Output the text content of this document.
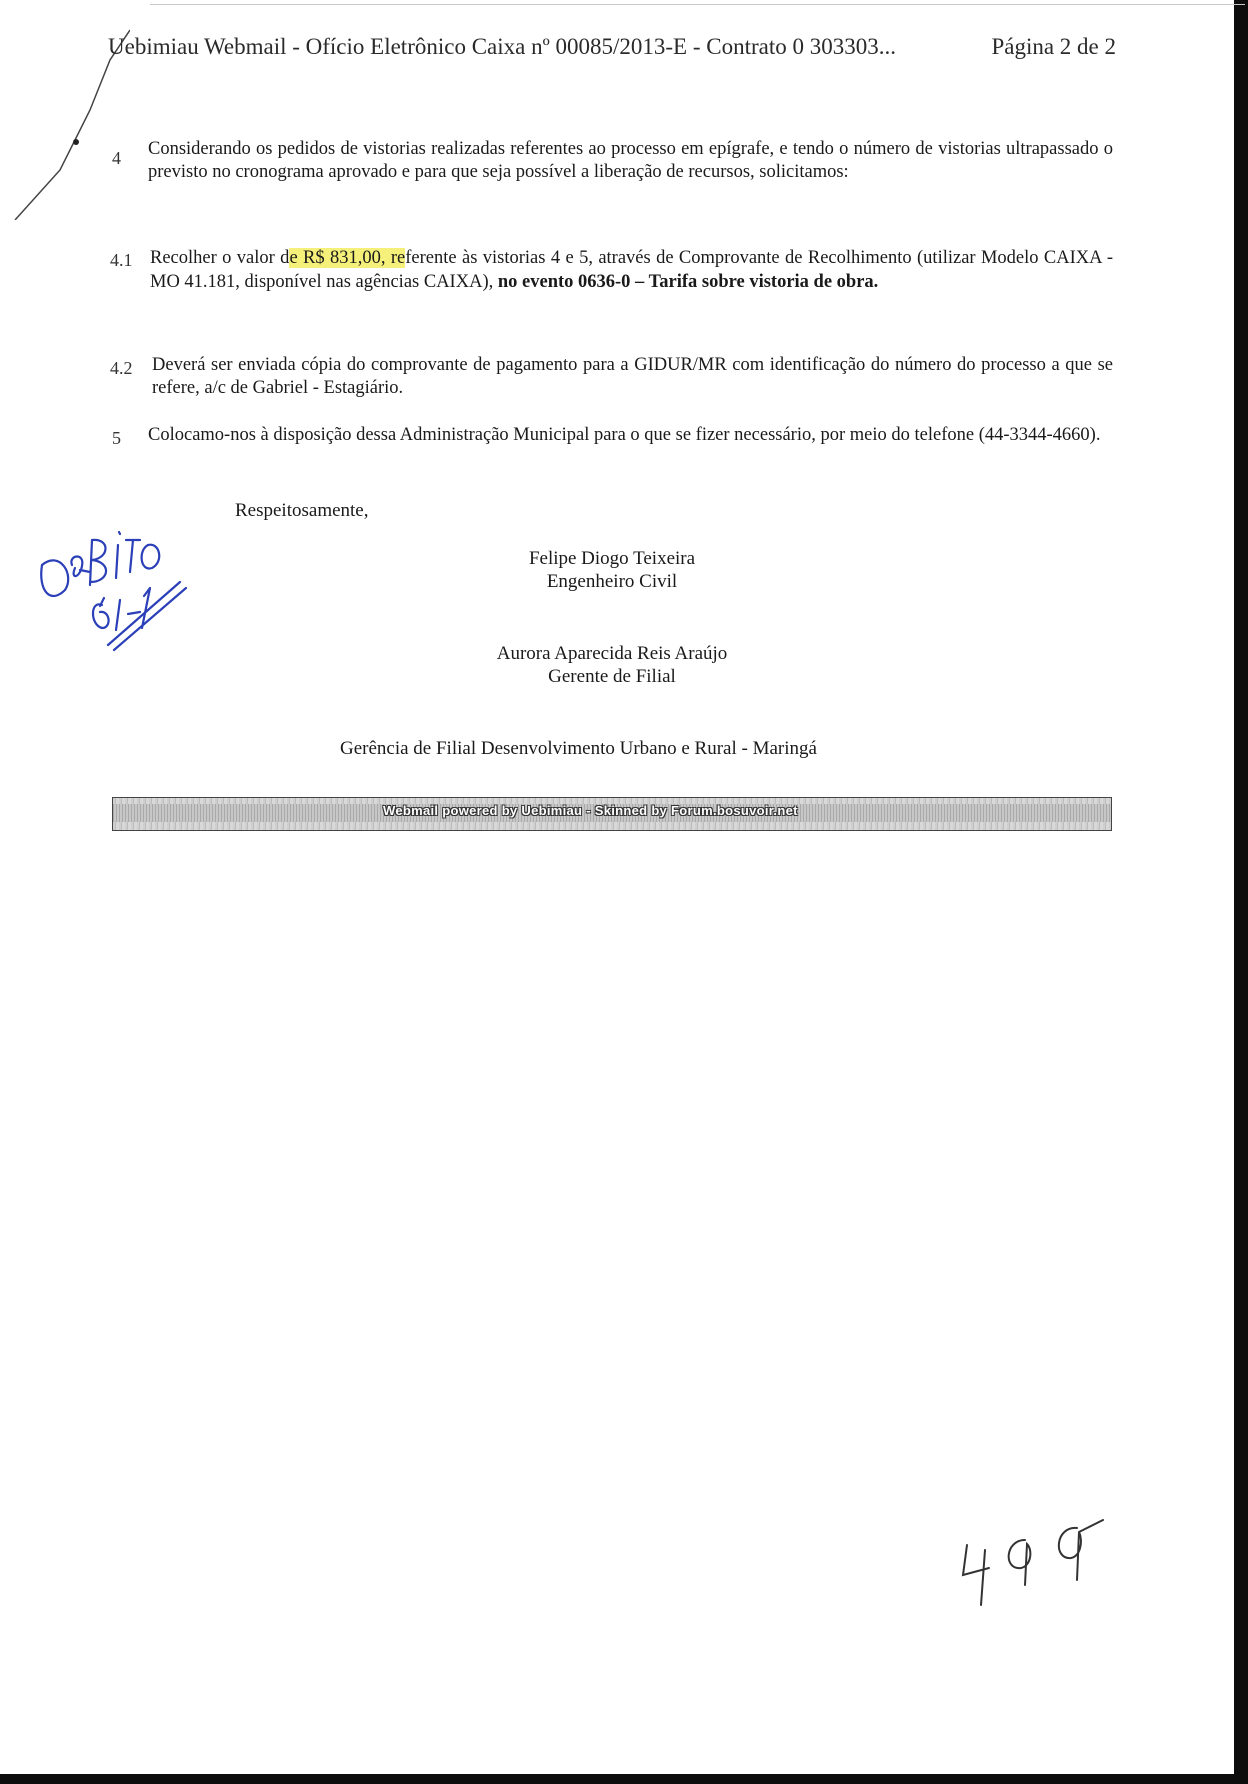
Uebimiau Webmail - Ofício Eletrônico Caixa nº 00085/2013-E - Contrato 0 303303...	Página 2 de 2
4 Considerando os pedidos de vistorias realizadas referentes ao processo em epígrafe, e tendo o número de vistorias ultrapassado o previsto no cronograma aprovado e para que seja possível a liberação de recursos, solicitamos:
4.1 Recolher o valor de R$ 831,00, referente às vistorias 4 e 5, através de Comprovante de Recolhimento (utilizar Modelo CAIXA - MO 41.181, disponível nas agências CAIXA), no evento 0636-0 – Tarifa sobre vistoria de obra.
4.2 Deverá ser enviada cópia do comprovante de pagamento para a GIDUR/MR com identificação do número do processo a que se refere, a/c de Gabriel - Estagiário.
5 Colocamo-nos à disposição dessa Administração Municipal para o que se fizer necessário, por meio do telefone (44-3344-4660).
Respeitosamente,
Felipe Diogo Teixeira
Engenheiro Civil
Aurora Aparecida Reis Araújo
Gerente de Filial
Gerência de Filial Desenvolvimento Urbano e Rural - Maringá
Webmail powered by Uebimiau - Skinned by Forum.bosuvoir.net
